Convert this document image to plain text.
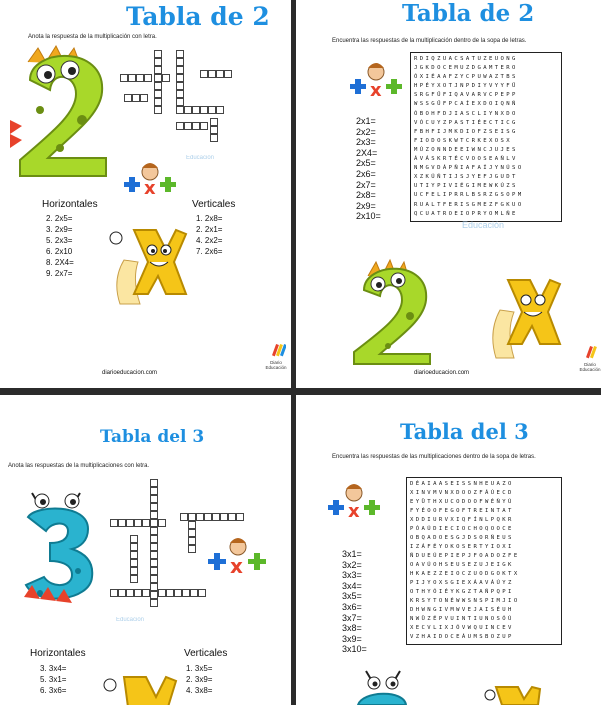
Tabla de 2
Anota la respuesta de la multiplicación con letra.
Educación
x
Horizontales	Verticales
2. 2x5=
3. 2x9=
5. 2x3=
6. 2x10
8. 2X4=
9. 2x7=
1. 2x8=
2. 2x1=
4. 2x2=
7. 2x6=
diarioeducacion.com
Diario Educación
Tabla de 2
Encuentra las respuestas de la multiplicación dentro de la sopa de letras.
x
2x1=
2x2=
2x3=
2X4=
2x5=
2x6=
2x7=
2x8=
2x9=
2x10=
RDIQZUACSATUZEUONG
JGKDOCEMUZDGAMTERO
ÓXIÉAAFZYCPUWAZTBS
HPÉYXOTJNPDIYVYYFÜ
SRGFÜFIQAVARVCPEPP
WSSGÜFPCAÍEXDOIQNÑ
ÓBOHFDJIASCLIYNXDO
VÓCUYZPASTIÉECTICG
FBHFIJMKDIOFZSEISG
FIODOSKWTCRKEXOSX
MÚZONNDEEIWNCJUJES
ÁVÁSKRTÉCVOOSEAÑLV
NMGVDÁPÑIAFAÍJYNÚSO
XZKÚÑTIJSJYEFJGUDT
UTIYPIVIÉGIMEWKÚZS
UCFELIPRRLBSRZGSOPM
RUALTFERISGMEZFGKUO
QCUATROEIOPRYOMLÑE
Educación
diarioeducacion.com
Diario Educación
Tabla del 3
Anota las respuestas de la multiplicaciones con letra.
Educación
x
Horizontales	Verticales
3. 3x4=
5. 3x1=
6. 3x6=
1. 3x5=
2. 3x9=
4. 3x8=
Tabla del 3
Encuentra las respuestas de las multiplicaciones dentro de la sopa de letras.
x
3x1=
3x2=
3x3=
3x4=
3x5=
3x6=
3x7=
3x8=
3x9=
3x10=
DÉAIAASEISSNHEUAZO
XINVMVNXDOOZFÁÚECD
EYÜTHXUCODOOFWÉÑYÚ
FYÉOOFEGOFTREINTAT
XDDIURVXIQFÍNLPQKR
PÓAÚDIECIOCHOQOOCE
OBQADOESGJDSORÑEUS
IZÁFÉYOKOSERTYIOXI
ÑDUEÚEPIEPJFOADOZFE
OAVÚOHSEUSEZUJEIGK
HKAEZZEIOCZUODGOKTX
PIJYOXSGIEXÁAVÁÚYZ
OTHYÓIÉYKGZTAÑPQPI
KRSYTONÉWWSNSPIMJIO
DHWNGIVMWVEJAISÉUH
NWÜZÉPVUINTIUNOSÓÚ
XECVLIXJÓVWQUINCEV
VZHAIDOCEÁUMSBOZUP
